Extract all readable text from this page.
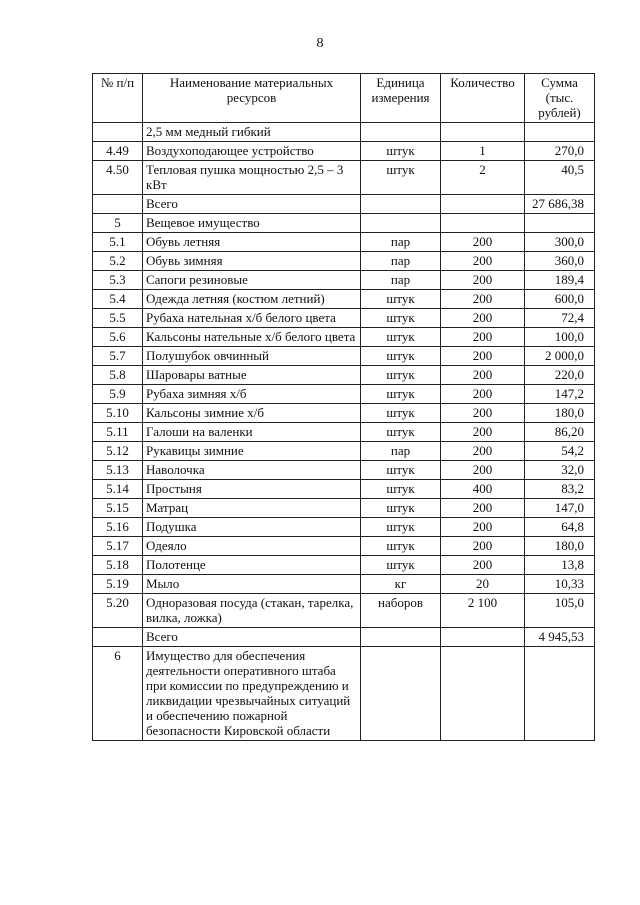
8
№ п/п	Наименование материальных ресурсов	Единица измерения	Количество	Сумма (тыс. рублей)
	2,5 мм медный гибкий			
4.49	Воздухоподающее устройство	штук	1	270,0
4.50	Тепловая пушка мощностью 2,5 – 3 кВт	штук	2	40,5
	Всего			27 686,38
5	Вещевое имущество			
5.1	Обувь летняя	пар	200	300,0
5.2	Обувь зимняя	пар	200	360,0
5.3	Сапоги резиновые	пар	200	189,4
5.4	Одежда летняя (костюм летний)	штук	200	600,0
5.5	Рубаха нательная х/б белого цвета	штук	200	72,4
5.6	Кальсоны нательные х/б белого цвета	штук	200	100,0
5.7	Полушубок овчинный	штук	200	2 000,0
5.8	Шаровары ватные	штук	200	220,0
5.9	Рубаха зимняя х/б	штук	200	147,2
5.10	Кальсоны зимние х/б	штук	200	180,0
5.11	Галоши на валенки	штук	200	86,20
5.12	Рукавицы зимние	пар	200	54,2
5.13	Наволочка	штук	200	32,0
5.14	Простыня	штук	400	83,2
5.15	Матрац	штук	200	147,0
5.16	Подушка	штук	200	64,8
5.17	Одеяло	штук	200	180,0
5.18	Полотенце	штук	200	13,8
5.19	Мыло	кг	20	10,33
5.20	Одноразовая посуда (стакан, тарелка, вилка, ложка)	наборов	2 100	105,0
	Всего			4 945,53
6	Имущество для обеспечения деятельности оперативного штаба при комиссии по предупреждению и ликвидации чрезвычайных ситуаций и обеспечению пожарной безопасности Кировской области			
